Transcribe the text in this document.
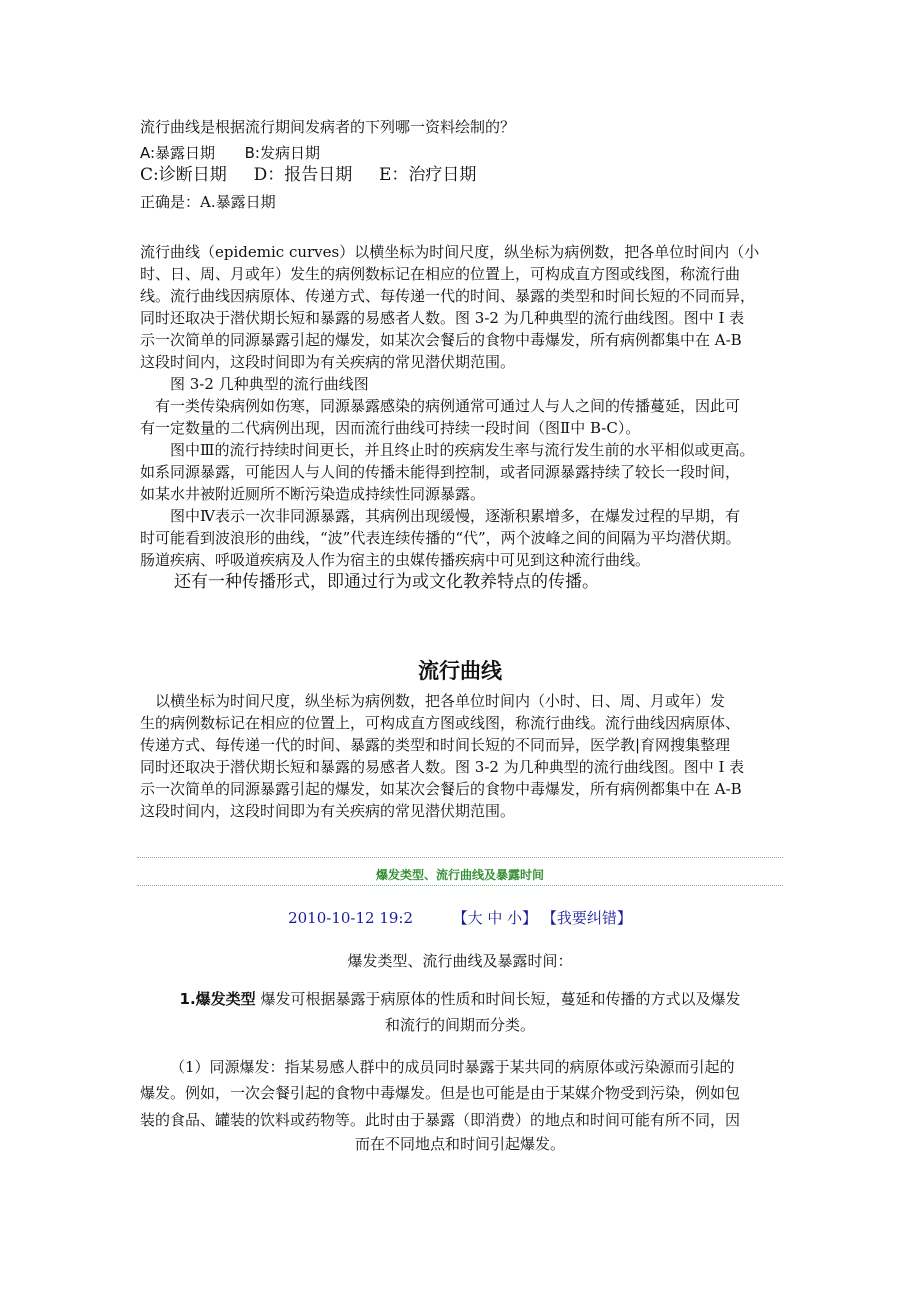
流行曲线是根据流行期间发病者的下列哪一资料绘制的？
A:暴露日期 B:发病日期
C:诊断日期 D：报告日期 E：治疗日期
正确是：A.暴露日期
流行曲线（epidemic curves）以横坐标为时间尺度，纵坐标为病例数，把各单位时间内（小
时、日、周、月或年）发生的病例数标记在相应的位置上，可构成直方图或线图，称流行曲
线。流行曲线因病原体、传递方式、每传递一代的时间、暴露的类型和时间长短的不同而异，
同时还取决于潜伏期长短和暴露的易感者人数。图 3-2 为几种典型的流行曲线图。图中 I 表
示一次简单的同源暴露引起的爆发，如某次会餐后的食物中毒爆发，所有病例都集中在 A-B
这段时间内，这段时间即为有关疾病的常见潜伏期范围。
　　图 3-2 几种典型的流行曲线图
　有一类传染病例如伤寒，同源暴露感染的病例通常可通过人与人之间的传播蔓延，因此可
有一定数量的二代病例出现，因而流行曲线可持续一段时间（图Ⅱ中 B-C）。
　　图中Ⅲ的流行持续时间更长，并且终止时的疾病发生率与流行发生前的水平相似或更高。
如系同源暴露，可能因人与人间的传播未能得到控制，或者同源暴露持续了较长一段时间，
如某水井被附近厕所不断污染造成持续性同源暴露。
　　图中Ⅳ表示一次非同源暴露，其病例出现缓慢，逐渐积累增多，在爆发过程的早期，有
时可能看到波浪形的曲线，“波”代表连续传播的“代”，两个波峰之间的间隔为平均潜伏期。
肠道疾病、呼吸道疾病及人作为宿主的虫媒传播疾病中可见到这种流行曲线。
　　还有一种传播形式，即通过行为或文化教养特点的传播。
流行曲线
　以横坐标为时间尺度，纵坐标为病例数，把各单位时间内（小时、日、周、月或年）发
生的病例数标记在相应的位置上，可构成直方图或线图，称流行曲线。流行曲线因病原体、
传递方式、每传递一代的时间、暴露的类型和时间长短的不同而异，医学教|育网搜集整理
同时还取决于潜伏期长短和暴露的易感者人数。图 3-2 为几种典型的流行曲线图。图中 I 表
示一次简单的同源暴露引起的爆发，如某次会餐后的食物中毒爆发，所有病例都集中在 A-B
这段时间内，这段时间即为有关疾病的常见潜伏期范围。
爆发类型、流行曲线及暴露时间
2010-10-12 19:2	【大 中 小】 【我要纠错】
爆发类型、流行曲线及暴露时间：
1.爆发类型 爆发可根据暴露于病原体的性质和时间长短，蔓延和传播的方式以及爆发
和流行的间期而分类。
（1）同源爆发：指某易感人群中的成员同时暴露于某共同的病原体或污染源而引起的
爆发。例如，一次会餐引起的食物中毒爆发。但是也可能是由于某媒介物受到污染，例如包
装的食品、罐装的饮料或药物等。此时由于暴露（即消费）的地点和时间可能有所不同，因
而在不同地点和时间引起爆发。
